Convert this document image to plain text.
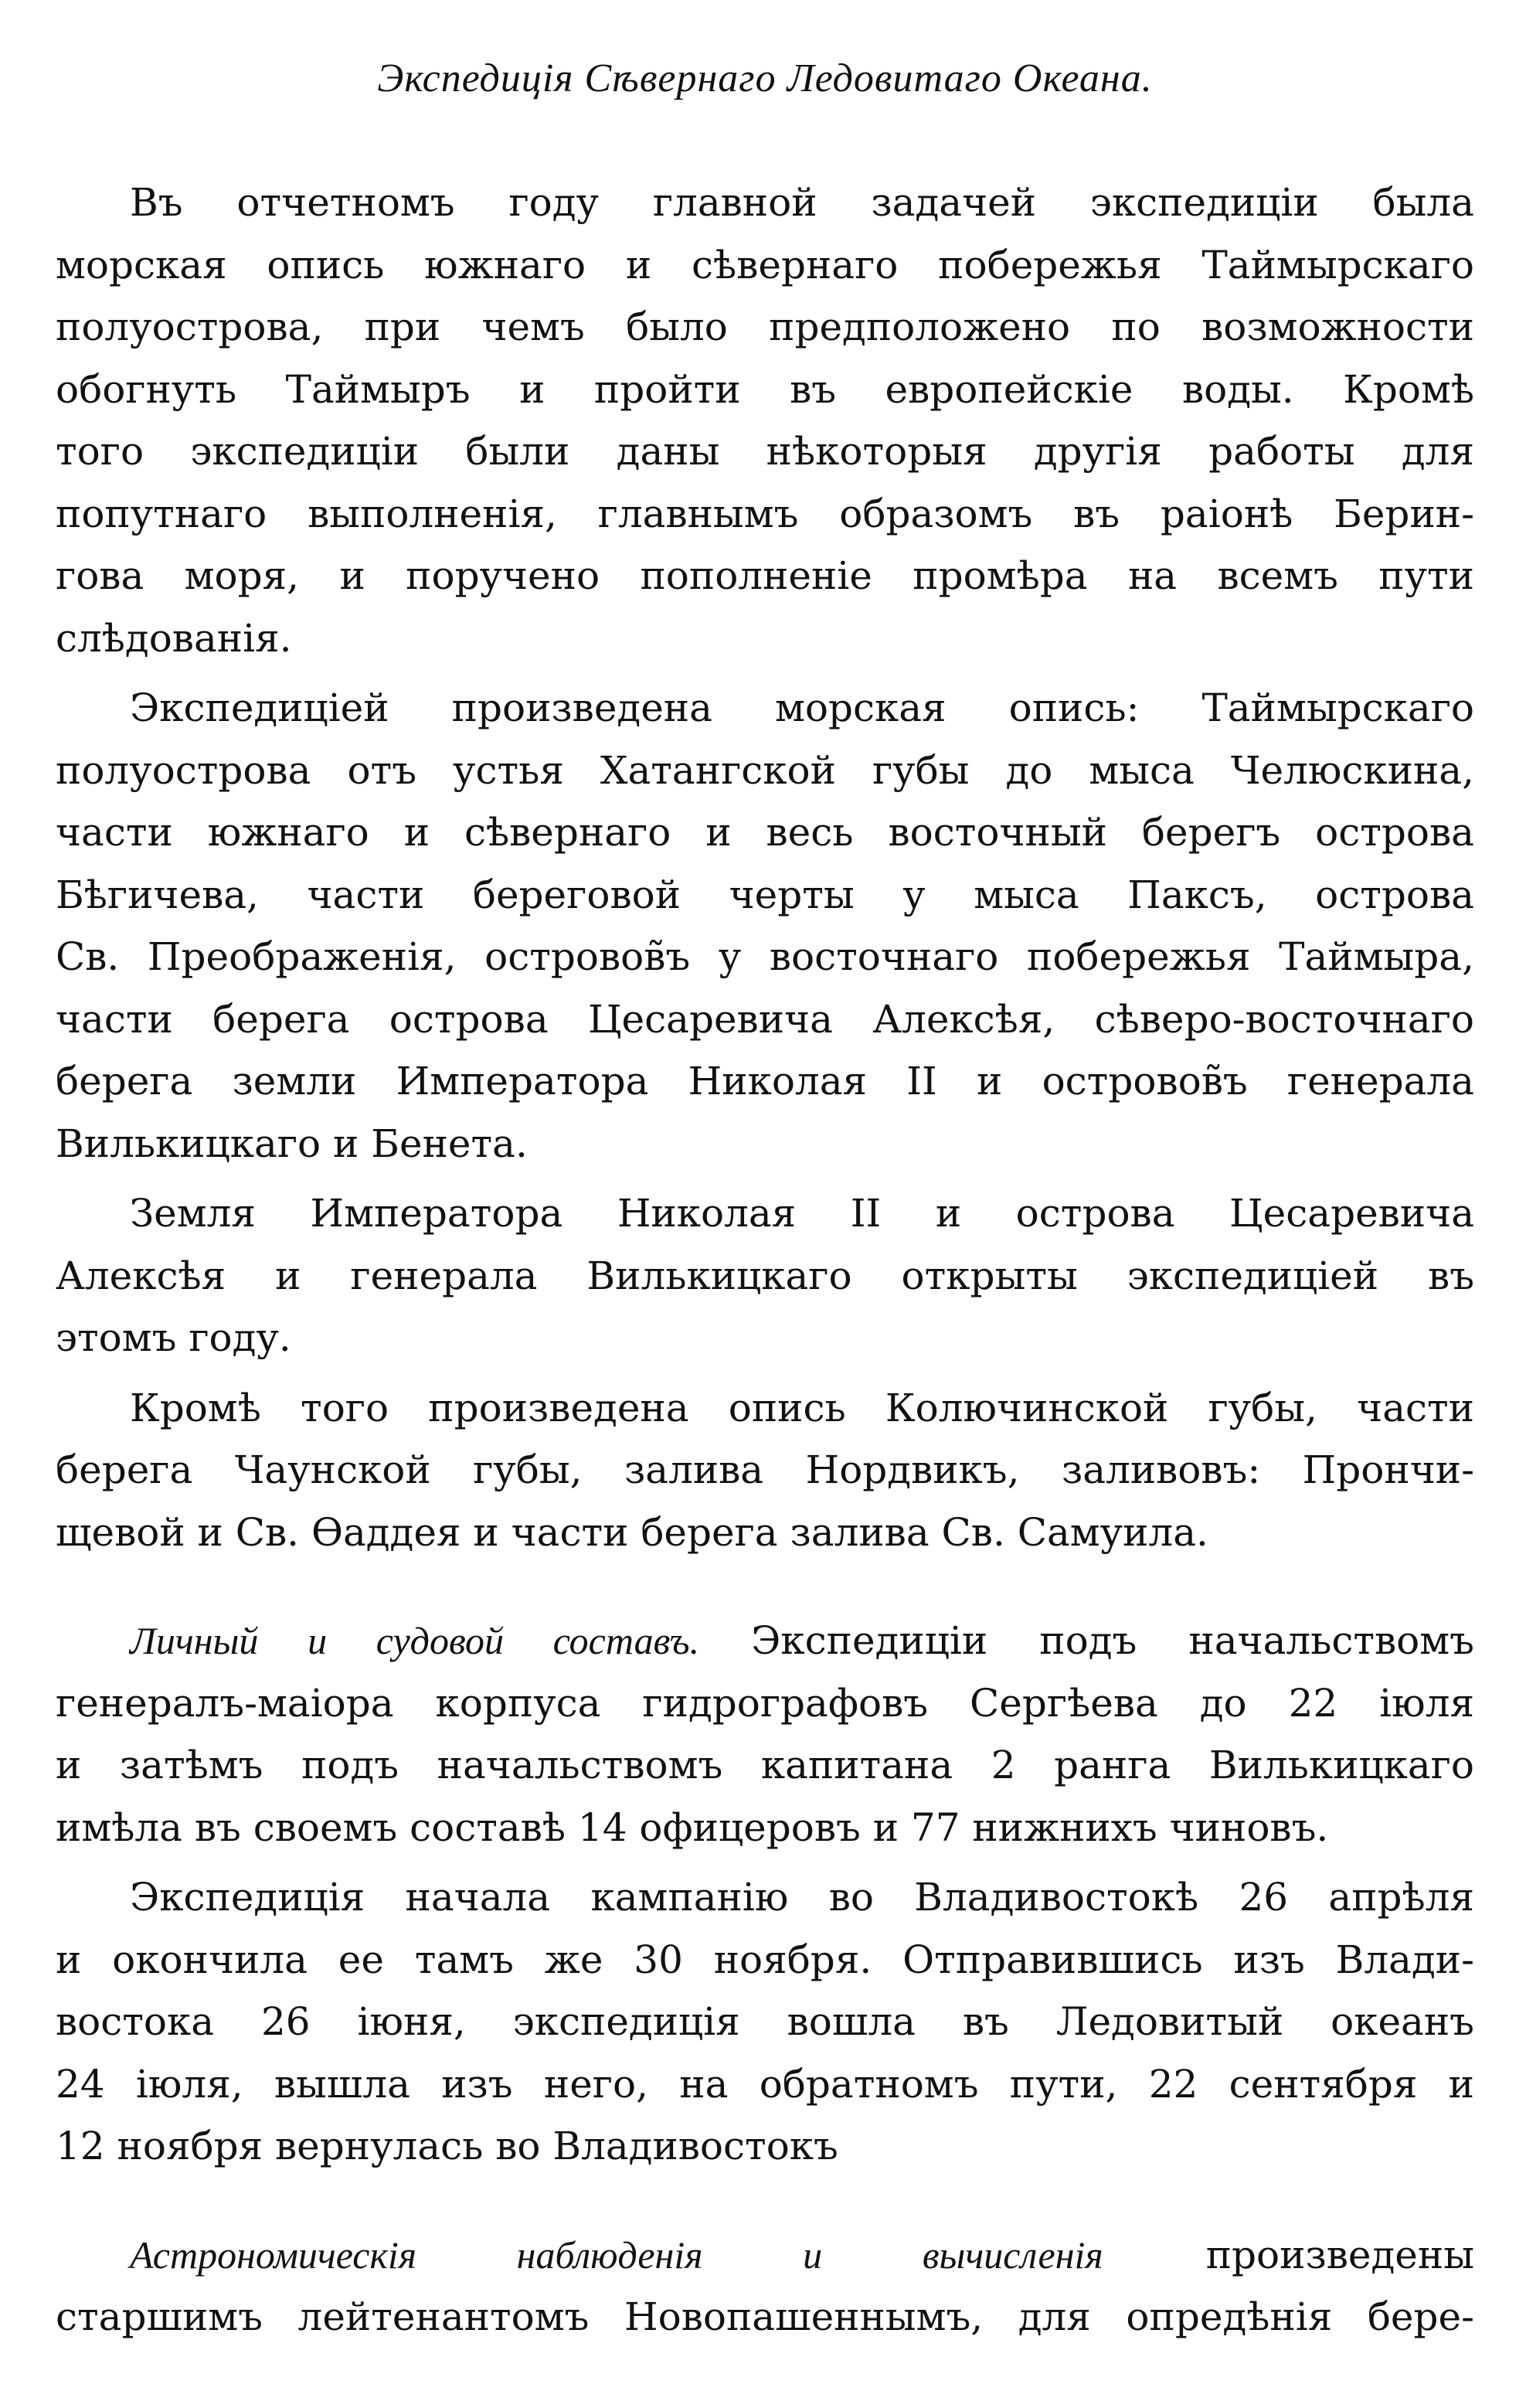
Экспедиція Сѣвернаго Ледовитаго Океана.
Въ отчетномъ году главной задачей экспедиціи была
морская опись южнаго и сѣвернаго побережья Таймырскаго
полуострова, при чемъ было предположено по возможности
обогнуть Таймыръ и пройти въ европейскіе воды. Кромѣ
того экспедиціи были даны нѣкоторыя другія работы для
попутнаго выполненія, главнымъ образомъ въ раіонѣ Берин-
гова моря, и поручено пополненіе промѣра на всемъ пути
слѣдованія.
Экспедиціей произведена морская опись: Таймырскаго
полуострова отъ устья Хатангской губы до мыса Челюскина,
части южнаго и сѣвернаго и весь восточный берегъ острова
Бѣгичева, части береговой черты у мыса Паксъ, острова
Св. Преображенія, островов̃ъ у восточнаго побережья Таймыра,
части берега острова Цесаревича Алексѣя, сѣверо-восточнаго
берега земли Императора Николая II и островов̃ъ генерала
Вилькицкаго и Бенета.
Земля Императора Николая II и острова Цесаревича
Алексѣя и генерала Вилькицкаго открыты экспедиціей въ
этомъ году.
Кромѣ того произведена опись Колючинской губы, части
берега Чаунской губы, залива Нордвикъ, заливовъ: Прончи-
щевой и Св. Ѳаддея и части берега залива Св. Самуила.
Личный и судовой составъ. Экспедиціи подъ начальствомъ
генералъ-маіора корпуса гидрографовъ Сергѣева до 22 іюля
и затѣмъ подъ начальствомъ капитана 2 ранга Вилькицкаго
имѣла въ своемъ составѣ 14 офицеровъ и 77 нижнихъ чиновъ.
Экспедиція начала кампанію во Владивостокѣ 26 апрѣля
и окончила ее тамъ же 30 ноября. Отправившись изъ Влади-
востока 26 іюня, экспедиція вошла въ Ледовитый океанъ
24 іюля, вышла изъ него, на обратномъ пути, 22 сентября и
12 ноября вернулась во Владивостокъ
Астрономическія наблюденія и вычисленія произведены
старшимъ лейтенантомъ Новопашеннымъ, для опредѣнія бере-
